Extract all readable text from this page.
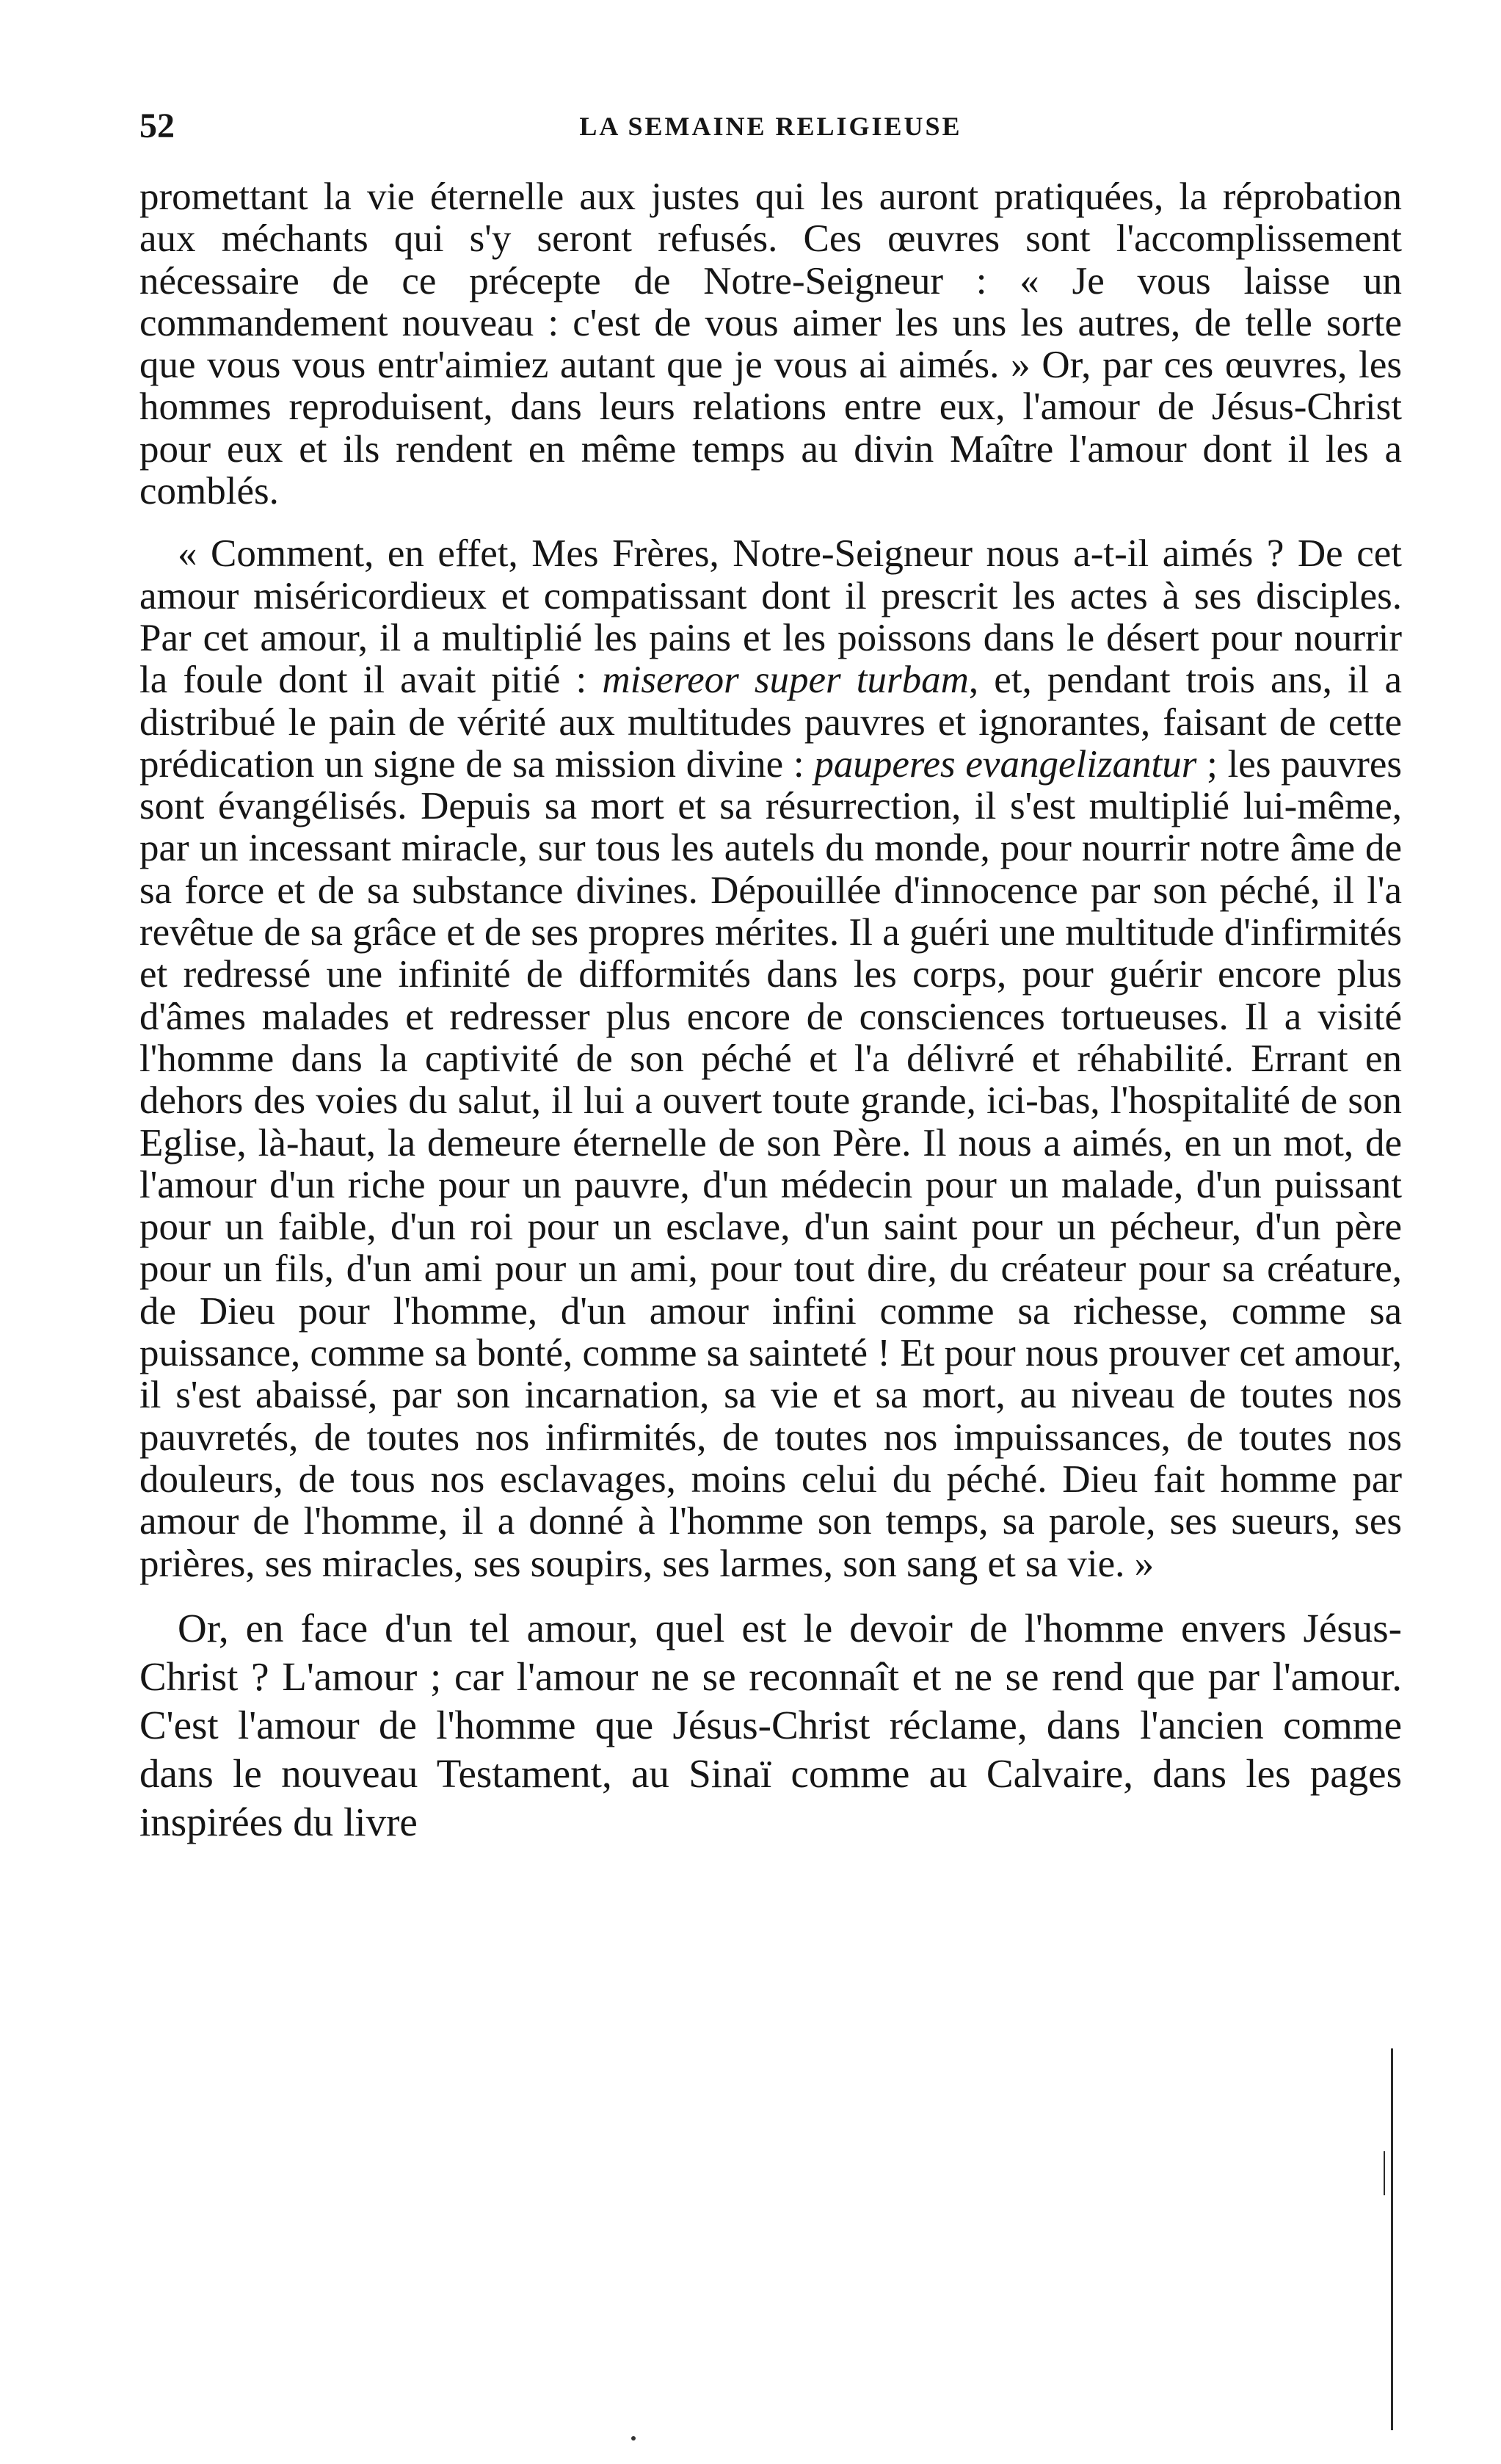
52	LA SEMAINE RELIGIEUSE

promettant la vie éternelle aux justes qui les auront pratiquées, la réprobation aux méchants qui s'y seront refusés. Ces œuvres sont l'accomplissement nécessaire de ce précepte de Notre-Seigneur : « Je vous laisse un commandement nouveau : c'est de vous aimer les uns les autres, de telle sorte que vous vous entr'aimiez autant que je vous ai aimés. » Or, par ces œuvres, les hommes reproduisent, dans leurs relations entre eux, l'amour de Jésus-Christ pour eux et ils rendent en même temps au divin Maître l'amour dont il les a comblés.

« Comment, en effet, Mes Frères, Notre-Seigneur nous a-t-il aimés ? De cet amour miséricordieux et compatissant dont il prescrit les actes à ses disciples. Par cet amour, il a multiplié les pains et les poissons dans le désert pour nourrir la foule dont il avait pitié : misereor super turbam, et, pendant trois ans, il a distribué le pain de vérité aux multitudes pauvres et ignorantes, faisant de cette prédication un signe de sa mission divine : pauperes evangelizantur ; les pauvres sont évangélisés. Depuis sa mort et sa résurrection, il s'est multiplié lui-même, par un incessant miracle, sur tous les autels du monde, pour nourrir notre âme de sa force et de sa substance divines. Dépouillée d'innocence par son péché, il l'a revêtue de sa grâce et de ses propres mérites. Il a guéri une multitude d'infirmités et redressé une infinité de difformités dans les corps, pour guérir encore plus d'âmes malades et redresser plus encore de consciences tortueuses. Il a visité l'homme dans la captivité de son péché et l'a délivré et réhabilité. Errant en dehors des voies du salut, il lui a ouvert toute grande, ici-bas, l'hospitalité de son Eglise, là-haut, la demeure éternelle de son Père. Il nous a aimés, en un mot, de l'amour d'un riche pour un pauvre, d'un médecin pour un malade, d'un puissant pour un faible, d'un roi pour un esclave, d'un saint pour un pécheur, d'un père pour un fils, d'un ami pour un ami, pour tout dire, du créateur pour sa créature, de Dieu pour l'homme, d'un amour infini comme sa richesse, comme sa puissance, comme sa bonté, comme sa sainteté ! Et pour nous prouver cet amour, il s'est abaissé, par son incarnation, sa vie et sa mort, au niveau de toutes nos pauvretés, de toutes nos infirmités, de toutes nos impuissances, de toutes nos douleurs, de tous nos esclavages, moins celui du péché. Dieu fait homme par amour de l'homme, il a donné à l'homme son temps, sa parole, ses sueurs, ses prières, ses miracles, ses soupirs, ses larmes, son sang et sa vie. »

Or, en face d'un tel amour, quel est le devoir de l'homme envers Jésus-Christ ? L'amour ; car l'amour ne se reconnaît et ne se rend que par l'amour. C'est l'amour de l'homme que Jésus-Christ réclame, dans l'ancien comme dans le nouveau Testament, au Sinaï comme au Calvaire, dans les pages inspirées du livre
